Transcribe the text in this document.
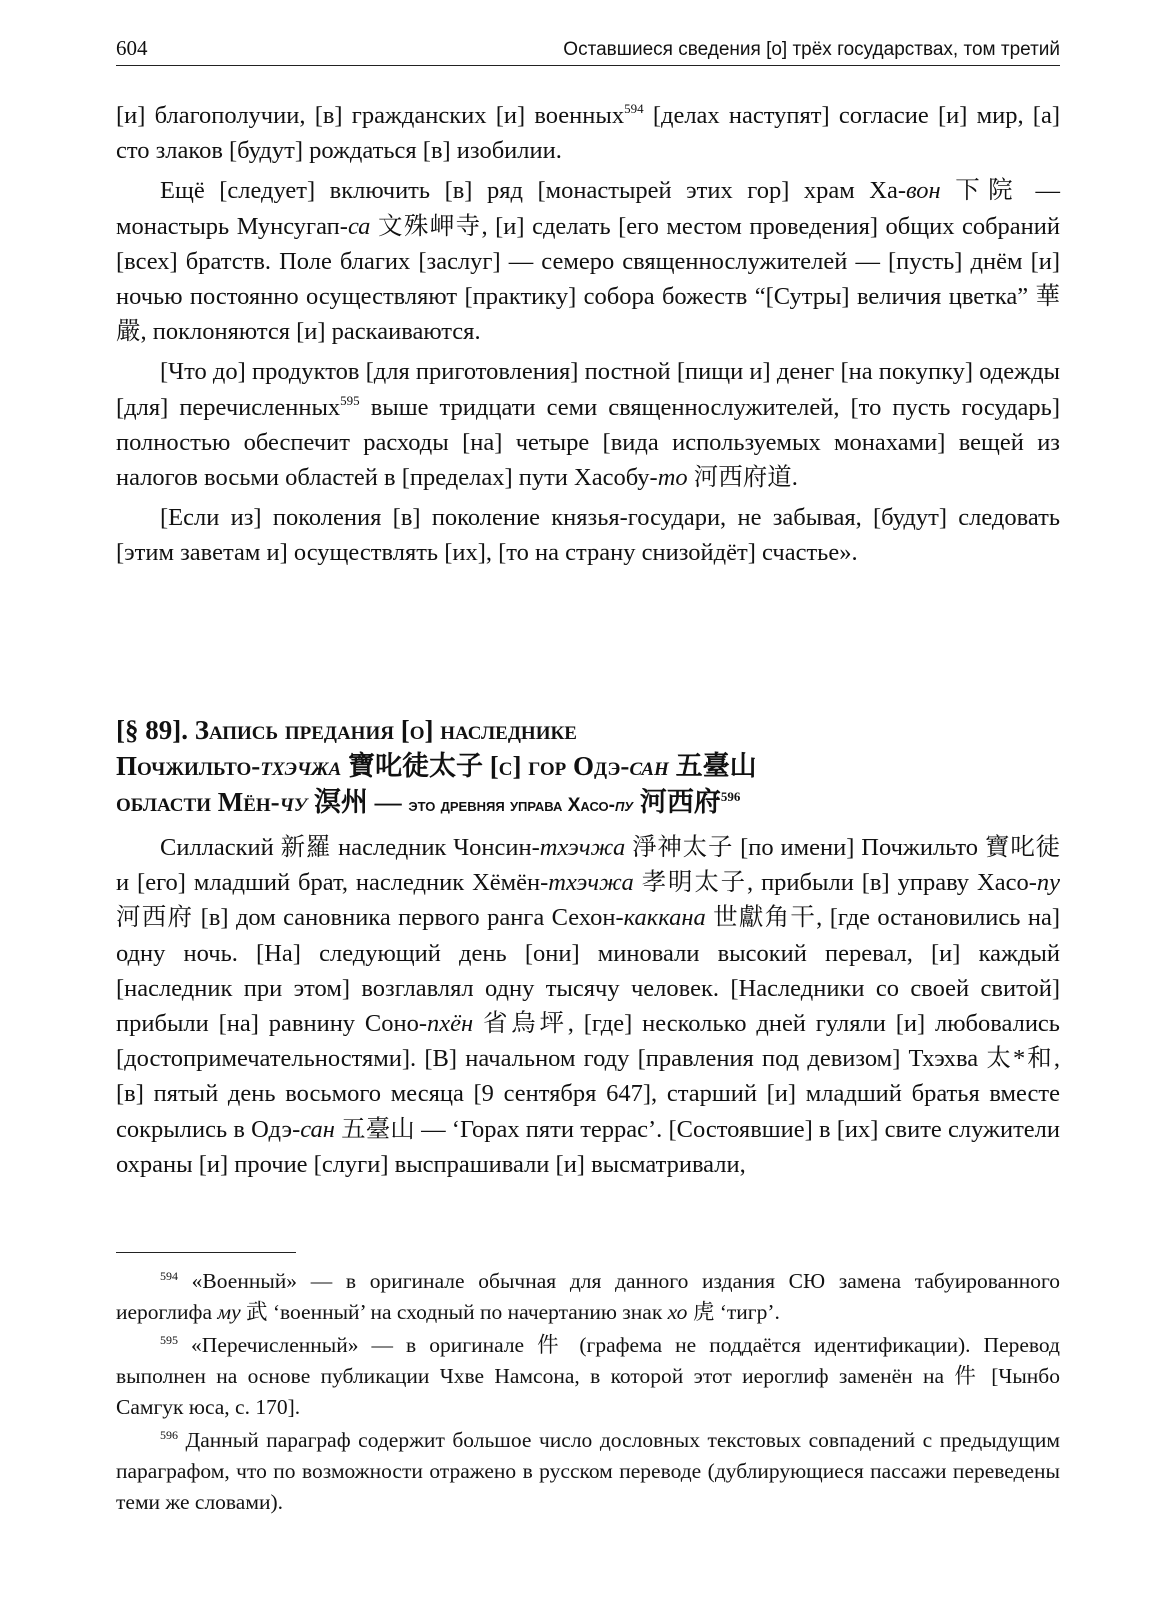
604	Оставшиеся сведения [о] трёх государствах, том третий

[и] благополучии, [в] гражданских [и] военных$^{594}$ [делах наступят] согласие [и] мир, [а] сто злаков [будут] рождаться [в] изобилии.

Ещё [следует] включить [в] ряд [монастырей этих гор] храм Ха-вон 下院 — монастырь Мунсугап-са 文殊岬寺, [и] сделать [его местом проведения] общих собраний [всех] братств. Поле благих [заслуг] — семеро священнослужителей — [пусть] днём [и] ночью постоянно осуществляют [практику] собора божеств “[Сутры] величия цветка” 華嚴, поклоняются [и] раскаиваются.

[Что до] продуктов [для приготовления] постной [пищи и] денег [на покупку] одежды [для] перечисленных$^{595}$ выше тридцати семи священнослужителей, [то пусть государь] полностью обеспечит расходы [на] четыре [вида используемых монахами] вещей из налогов восьми областей в [пределах] пути Хасобу-то 河西府道.

[Если из] поколения [в] поколение князья-государи, не забывая, [будут] следовать [этим заветам и] осуществлять [их], [то на страну снизойдёт] счастье».

[§ 89]. Запись предания [о] наследнике
Почжильто-тхэчжа 寶叱徒太子 [с] гор Одэ-сан 五臺山
области Мён-чу 溟州 — это древняя управа Хасо-пу 河西府$^{596}$

Силлаский 新羅 наследник Чонсин-тхэчжа 淨神太子 [по имени] Почжильто 寶叱徒 и [его] младший брат, наследник Хёмён-тхэчжа 孝明太子, прибыли [в] управу Хасо-пу 河西府 [в] дом сановника первого ранга Сехон-каккана 世獻角干, [где остановились на] одну ночь. [На] следующий день [они] миновали высокий перевал, [и] каждый [наследник при этом] возглавлял одну тысячу человек. [Наследники со своей свитой] прибыли [на] равнину Соно-пхён 省烏坪, [где] несколько дней гуляли [и] любовались [достопримечательностями]. [В] начальном году [правления под девизом] Тхэхва 太*和, [в] пятый день восьмого месяца [9 сентября 647], старший [и] младший братья вместе сокрылись в Одэ-сан 五臺山 — ‘Горах пяти террас’. [Состоявшие] в [их] свите служители охраны [и] прочие [слуги] выспрашивали [и] высматривали,

$^{594}$ «Военный» — в оригинале обычная для данного издания СЮ замена табуированного иероглифа му 武 ‘военный’ на сходный по начертанию знак хо 虎 ‘тигр’.

$^{595}$ «Перечисленный» — в оригинале 件 (графема не поддаётся идентификации). Перевод выполнен на основе публикации Чхве Намсона, в которой этот иероглиф заменён на 件 [Чынбо Самгук юса, с. 170].

$^{596}$ Данный параграф содержит большое число дословных текстовых совпадений с предыдущим параграфом, что по возможности отражено в русском переводе (дублирующиеся пассажи переведены теми же словами).
